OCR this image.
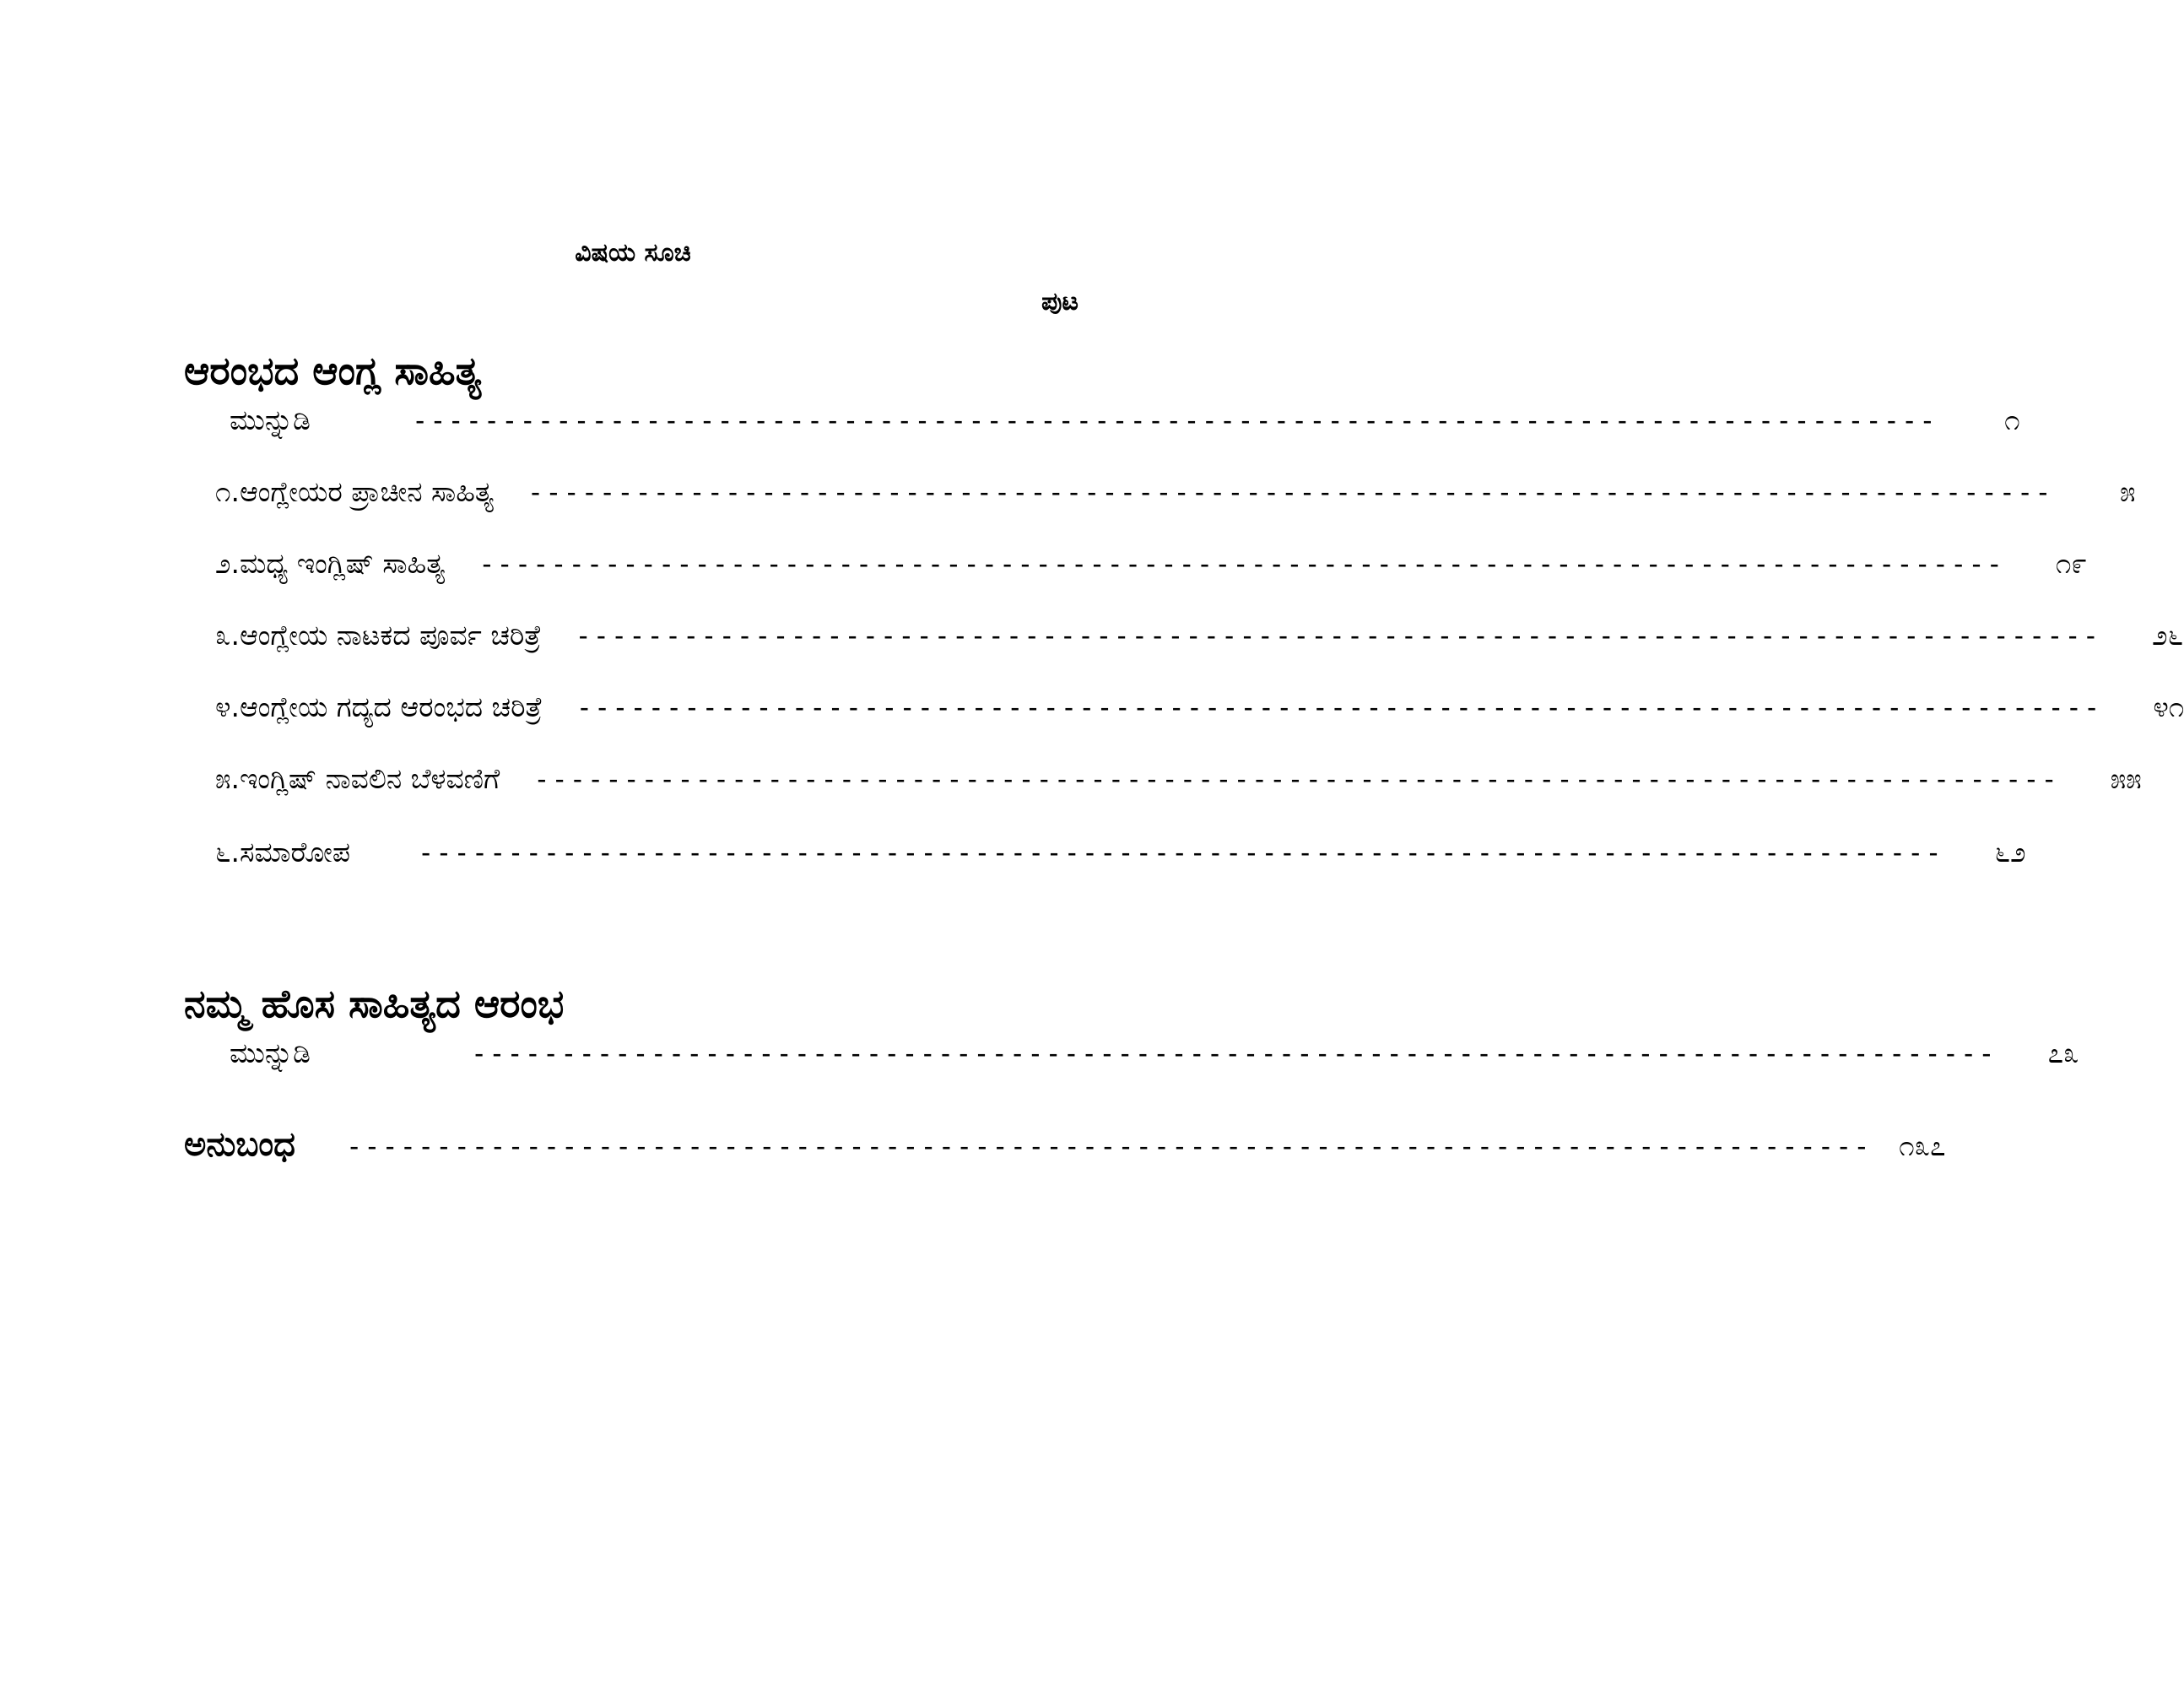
ವಿಷಯ ಸೂಚಿ
ಪುಟ
ಆರಂಭದ ಆಂಗ್ಲ ಸಾಹಿತ್ಯ
ಮುನ್ನುಡಿ	-------------------------------------------------------------------------------------	೧
೧.ಆಂಗ್ಲೇಯರ ಪ್ರಾಚೀನ ಸಾಹಿತ್ಯ -------------------------------------------------------------------------------------	೫
೨.ಮಧ್ಯ ಇಂಗ್ಲಿಷ್ ಸಾಹಿತ್ಯ -------------------------------------------------------------------------------------	೧೯
೩.ಆಂಗ್ಲೇಯ ನಾಟಕದ ಪೂರ್ವ ಚರಿತ್ರೆ -------------------------------------------------------------------------------------	೨೬
೪.ಆಂಗ್ಲೇಯ ಗದ್ಯದ ಆರಂಭದ ಚರಿತ್ರೆ -------------------------------------------------------------------------------------	೪೧
೫.ಇಂಗ್ಲಿಷ್ ನಾವಲಿನ ಬೆಳವಣಿಗೆ -------------------------------------------------------------------------------------	೫೫
೬.ಸಮಾರೋಪ	-------------------------------------------------------------------------------------	೬೨
ನಮ್ಮ ಹೊಸ ಸಾಹಿತ್ಯದ ಆರಂಭ
ಮುನ್ನುಡಿ	-------------------------------------------------------------------------------------	೭೩
ಅನುಬಂಧ ------------------------------------------------------------------------------------- ೧೩೭
